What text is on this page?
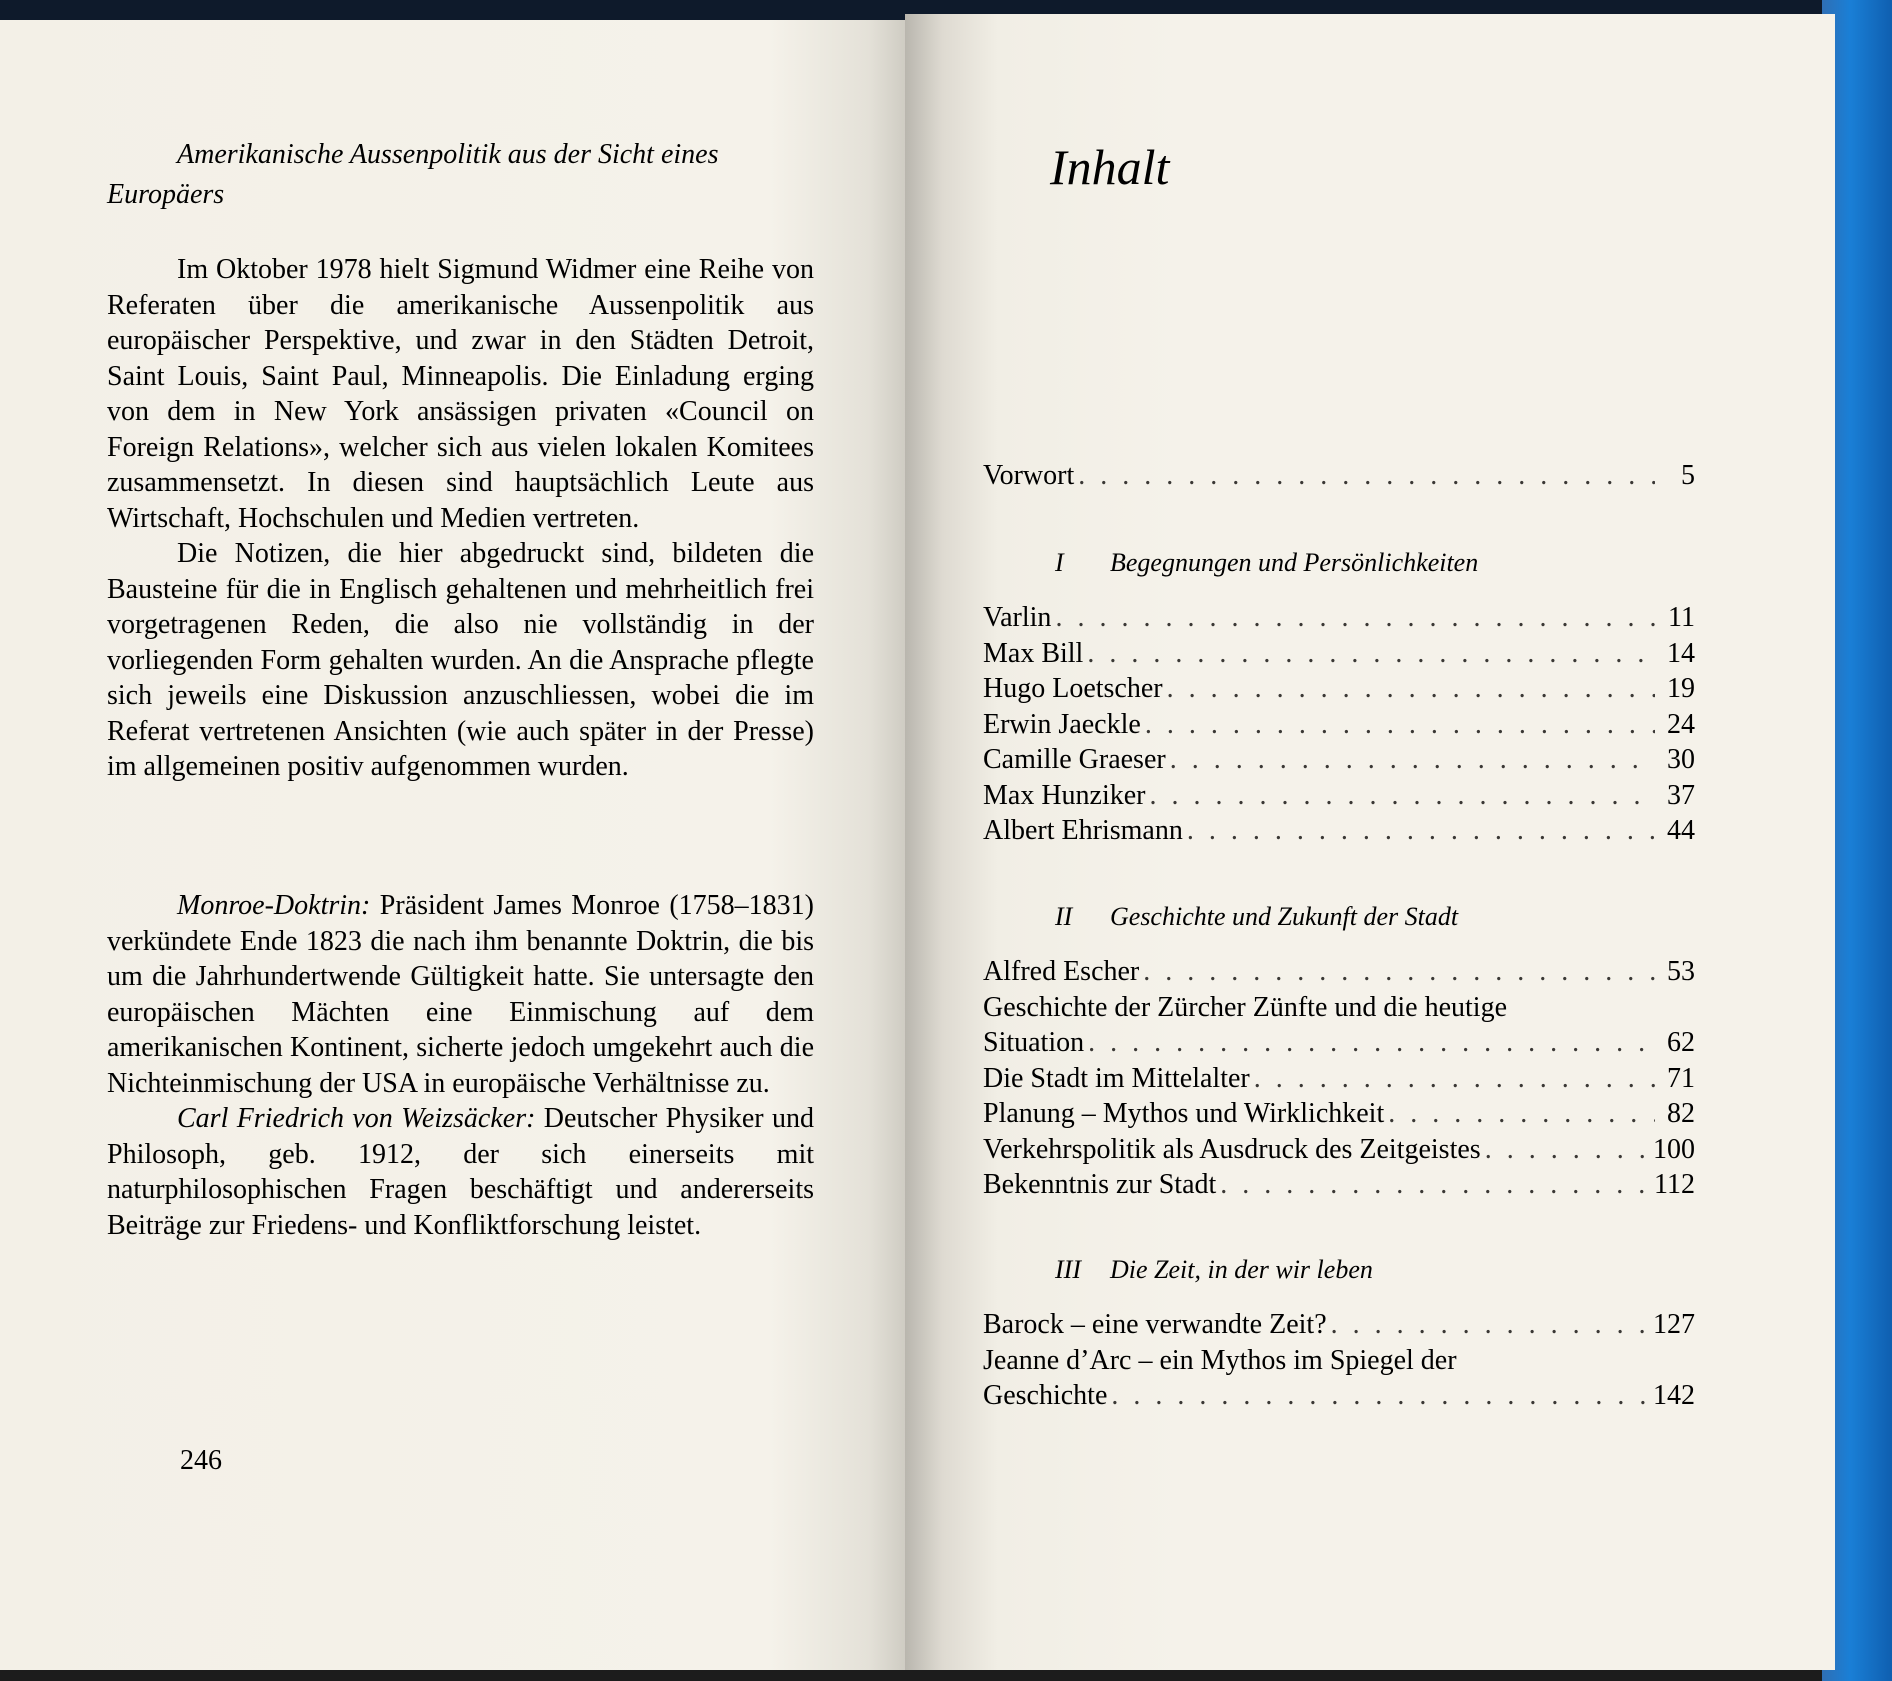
Amerikanische Aussenpolitik aus der Sicht eines Europäers

Im Oktober 1978 hielt Sigmund Widmer eine Reihe von Referaten über die amerikanische Aussenpolitik aus europäischer Perspektive, und zwar in den Städten Detroit, Saint Louis, Saint Paul, Minneapolis. Die Einladung erging von dem in New York ansässigen privaten «Council on Foreign Relations», welcher sich aus vielen lokalen Komitees zusammensetzt. In diesen sind hauptsächlich Leute aus Wirtschaft, Hochschulen und Medien vertreten.

Die Notizen, die hier abgedruckt sind, bildeten die Bausteine für die in Englisch gehaltenen und mehrheitlich frei vorgetragenen Reden, die also nie vollständig in der vorliegenden Form gehalten wurden. An die Ansprache pflegte sich jeweils eine Diskussion anzuschliessen, wobei die im Referat vertretenen Ansichten (wie auch später in der Presse) im allgemeinen positiv aufgenommen wurden.

Monroe-Doktrin: Präsident James Monroe (1758–1831) verkündete Ende 1823 die nach ihm benannte Doktrin, die bis um die Jahrhundertwende Gültigkeit hatte. Sie untersagte den europäischen Mächten eine Einmischung auf dem amerikanischen Kontinent, sicherte jedoch umgekehrt auch die Nichteinmischung der USA in europäische Verhältnisse zu.

Carl Friedrich von Weizsäcker: Deutscher Physiker und Philosoph, geb. 1912, der sich einerseits mit naturphilosophischen Fragen beschäftigt und andererseits Beiträge zur Friedens- und Konfliktforschung leistet.

246
Inhalt
Vorwort . . .	5
I Begegnungen und Persönlichkeiten
Varlin . . .	11
Max Bill . . .	14
Hugo Loetscher . . .	19
Erwin Jaeckle . . .	24
Camille Graeser . . .	30
Max Hunziker . . .	37
Albert Ehrismann . . .	44
II Geschichte und Zukunft der Stadt
Alfred Escher . . .	53
Geschichte der Zürcher Zünfte und die heutige
Situation . . .	62
Die Stadt im Mittelalter . . .	71
Planung – Mythos und Wirklichkeit . . .	82
Verkehrspolitik als Ausdruck des Zeitgeistes . . .	100
Bekenntnis zur Stadt . . .	112
III Die Zeit, in der wir leben
Barock – eine verwandte Zeit? . . .	127
Jeanne d’Arc – ein Mythos im Spiegel der
Geschichte . . .	142
